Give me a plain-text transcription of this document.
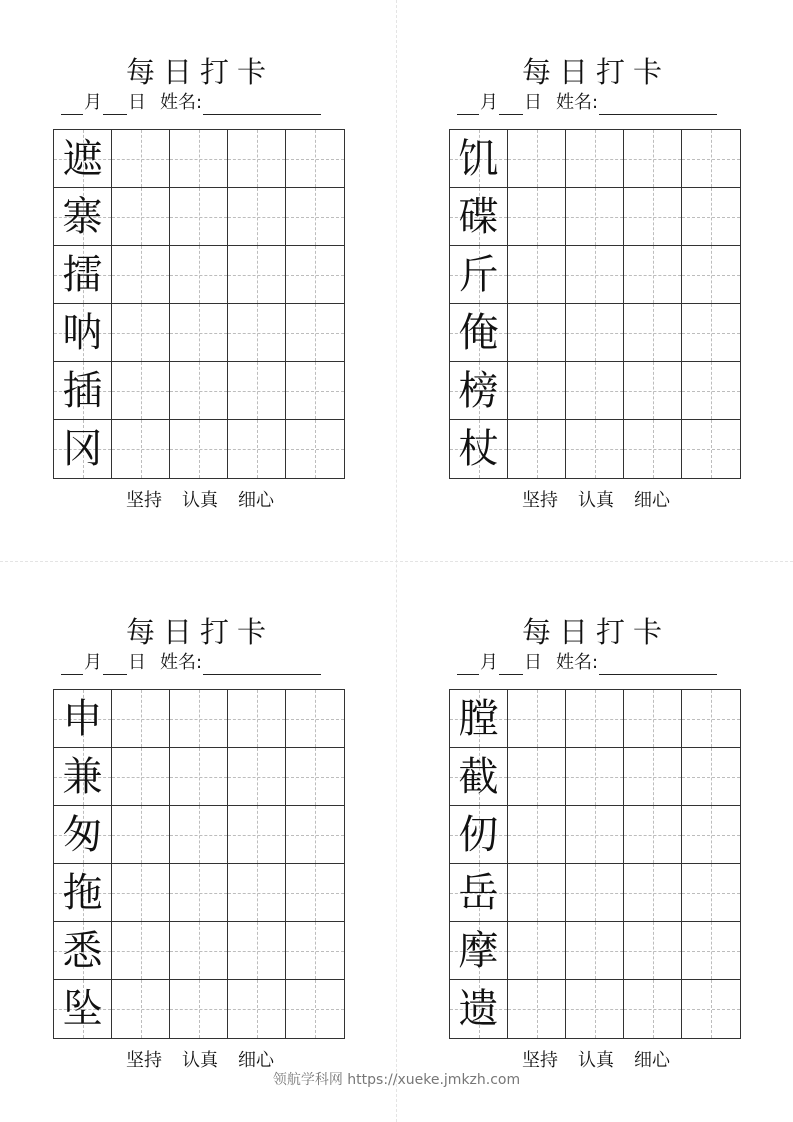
每日打卡
月 日 姓名:
遮
寨
擂
呐
插
冈
坚持 认真 细心
每日打卡
月 日 姓名:
饥
碟
斤
俺
榜
杖
坚持 认真 细心
每日打卡
月 日 姓名:
申
兼
匆
拖
悉
坠
坚持 认真 细心
每日打卡
月 日 姓名:
膛
截
仞
岳
摩
遗
坚持 认真 细心
领航学科网 https://xueke.jmkzh.com
